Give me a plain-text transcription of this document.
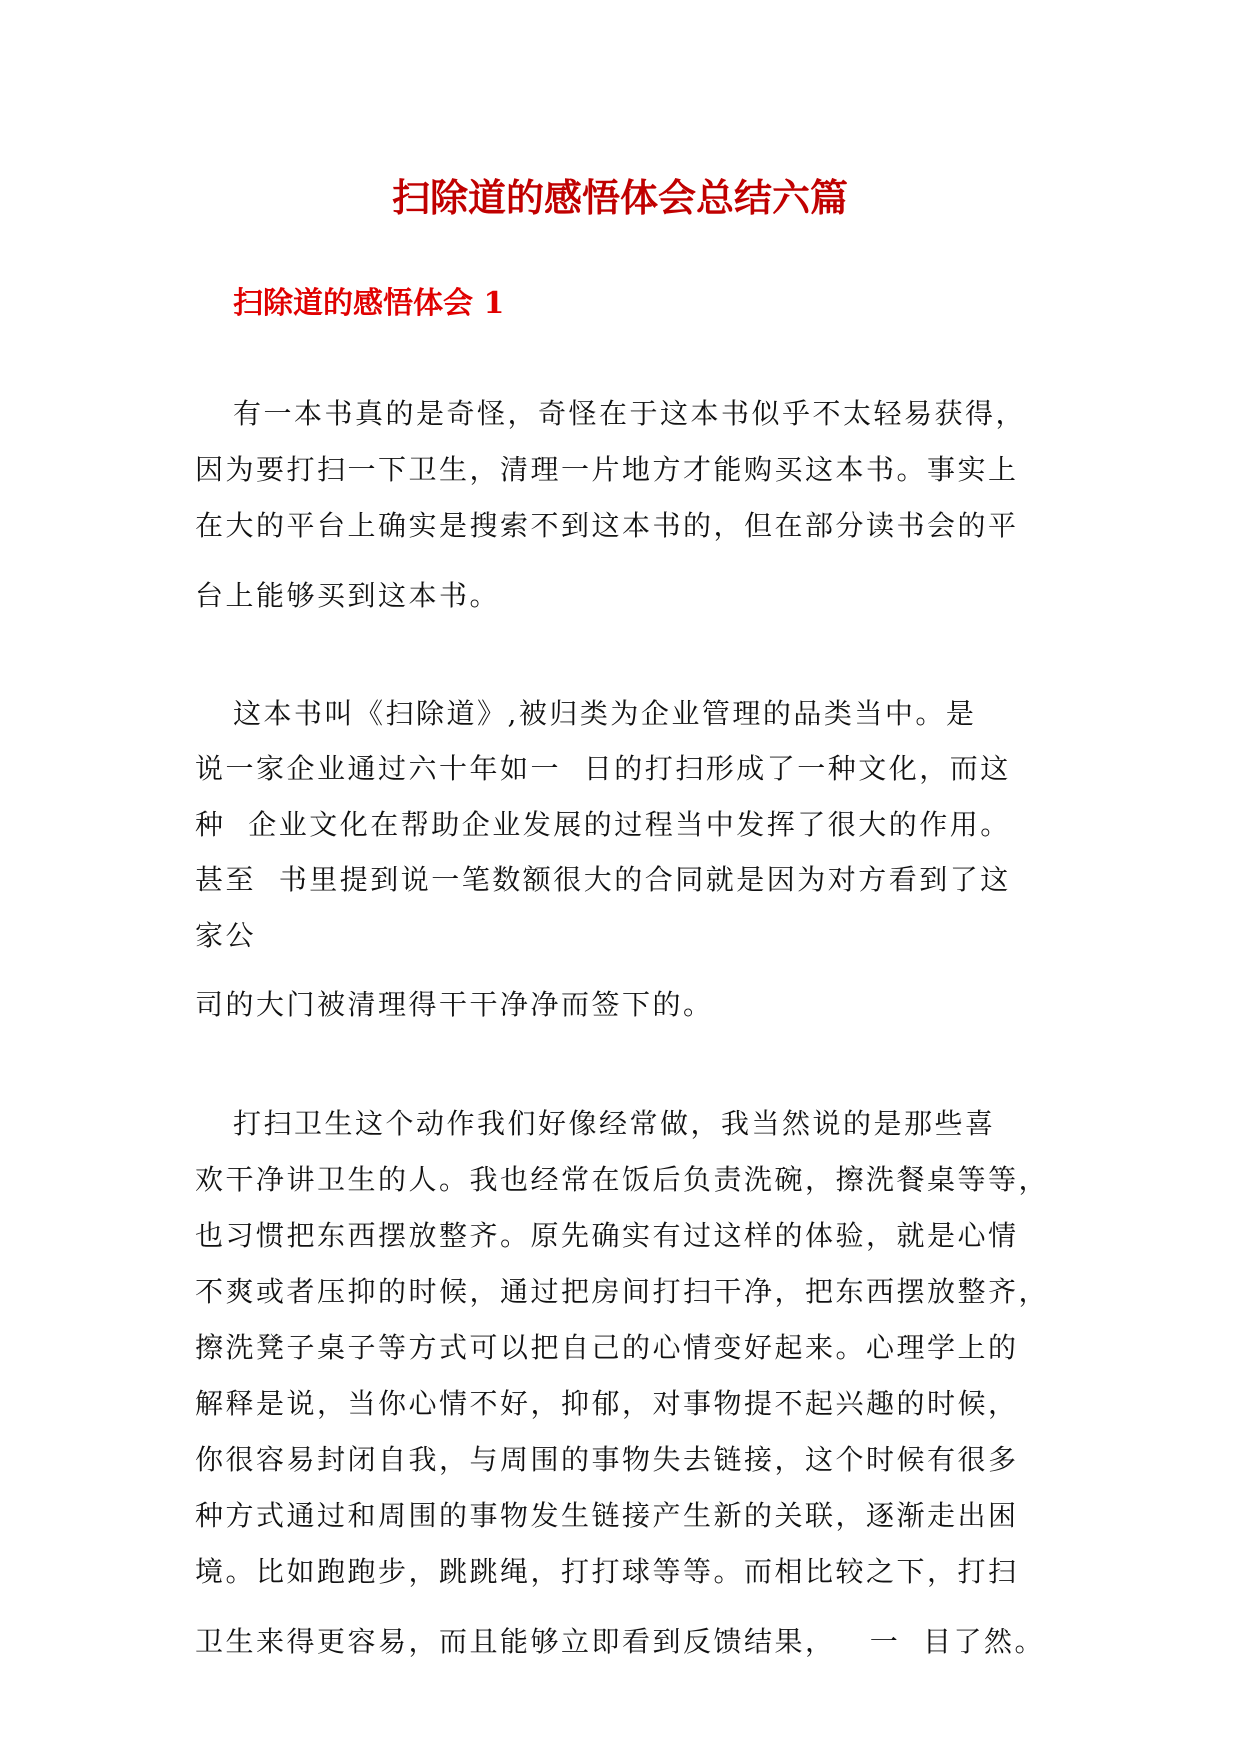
扫除道的感悟体会总结六篇
扫除道的感悟体会 1

有一本书真的是奇怪，奇怪在于这本书似乎不太轻易获得，

因为要打扫一下卫生，清理一片地方才能购买这本书。事实上

在大的平台上确实是搜索不到这本书的，但在部分读书会的平

台上能够买到这本书。

这本书叫《扫除道》,被归类为企业管理的品类当中。是

说一家企业通过六十年如一  日的打扫形成了一种文化，而这

种  企业文化在帮助企业发展的过程当中发挥了很大的作用。

甚至  书里提到说一笔数额很大的合同就是因为对方看到了这

家公

司的大门被清理得干干净净而签下的。

打扫卫生这个动作我们好像经常做，我当然说的是那些喜

欢干净讲卫生的人。我也经常在饭后负责洗碗，擦洗餐桌等等，

也习惯把东西摆放整齐。原先确实有过这样的体验，就是心情

不爽或者压抑的时候，通过把房间打扫干净，把东西摆放整齐，

擦洗凳子桌子等方式可以把自己的心情变好起来。心理学上的

解释是说，当你心情不好，抑郁，对事物提不起兴趣的时候，

你很容易封闭自我，与周围的事物失去链接，这个时候有很多

种方式通过和周围的事物发生链接产生新的关联，逐渐走出困

境。比如跑跑步，跳跳绳，打打球等等。而相比较之下，打扫

卫生来得更容易，而且能够立即看到反馈结果，   一  目了然。
